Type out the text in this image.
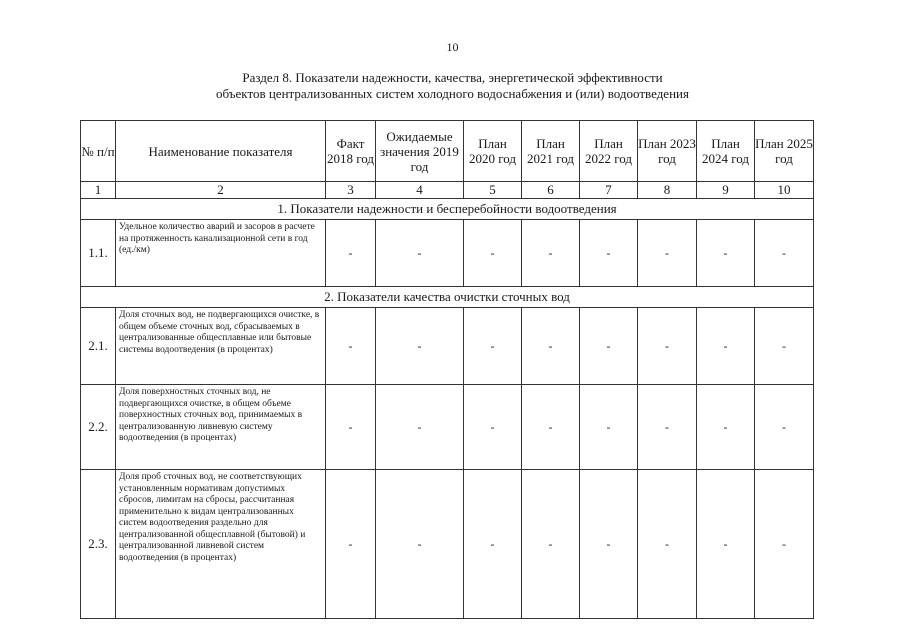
10
Раздел 8. Показатели надежности, качества, энергетической эффективности
объектов централизованных систем холодного водоснабжения и (или) водоотведения
№ п/п	Наименование показателя	Факт 2018 год	Ожидаемые значения 2019 год	План 2020 год	План 2021 год	План 2022 год	План 2023 год	План 2024 год	План 2025 год
1	2	3	4	5	6	7	8	9	10
1. Показатели надежности и бесперебойности водоотведения									
1.1.	Удельное количество аварий и засоров в расчете на протяженность канализационной сети в год (ед./км)	-	-	-	-	-	-	-	-
2. Показатели качества очистки сточных вод									
2.1.	Доля сточных вод, не подвергающихся очистке, в общем объеме сточных вод, сбрасываемых в централизованные общесплавные или бытовые системы водоотведения (в процентах)	-	-	-	-	-	-	-	-
2.2.	Доля поверхностных сточных вод, не подвергающихся очистке, в общем объеме поверхностных сточных вод, принимаемых в централизованную ливневую систему водоотведения (в процентах)	-	-	-	-	-	-	-	-
2.3.	Доля проб сточных вод, не соответствующих установленным нормативам допустимых сбросов, лимитам на сбросы, рассчитанная применительно к видам централизованных систем водоотведения раздельно для централизованной общесплавной (бытовой) и централизованной ливневой систем водоотведения (в процентах)	-	-	-	-	-	-	-	-
